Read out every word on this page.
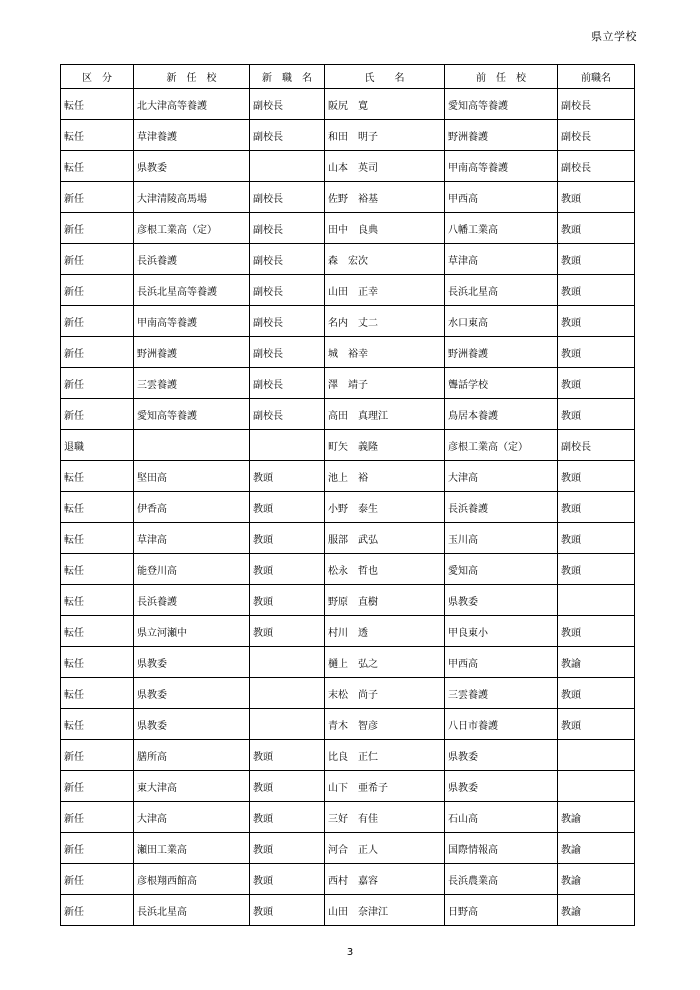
県立学校
区　分	新　任　校	新　職　名	氏　　名	前　任　校	前職名
転任	北大津高等養護	副校長	阪尻　寛	愛知高等養護	副校長
転任	草津養護	副校長	和田　明子	野洲養護	副校長
転任	県教委		山本　英司	甲南高等養護	副校長
新任	大津清陵高馬場	副校長	佐野　裕基	甲西高	教頭
新任	彦根工業高（定）	副校長	田中　良典	八幡工業高	教頭
新任	長浜養護	副校長	森　宏次	草津高	教頭
新任	長浜北星高等養護	副校長	山田　正幸	長浜北星高	教頭
新任	甲南高等養護	副校長	名内　丈二	水口東高	教頭
新任	野洲養護	副校長	城　裕幸	野洲養護	教頭
新任	三雲養護	副校長	澤　靖子	聾話学校	教頭
新任	愛知高等養護	副校長	高田　真理江	鳥居本養護	教頭
退職			町矢　義隆	彦根工業高（定）	副校長
転任	堅田高	教頭	池上　裕	大津高	教頭
転任	伊香高	教頭	小野　泰生	長浜養護	教頭
転任	草津高	教頭	服部　武弘	玉川高	教頭
転任	能登川高	教頭	松永　哲也	愛知高	教頭
転任	長浜養護	教頭	野原　直樹	県教委	
転任	県立河瀬中	教頭	村川　透	甲良東小	教頭
転任	県教委		樋上　弘之	甲西高	教諭
転任	県教委		末松　尚子	三雲養護	教頭
転任	県教委		青木　智彦	八日市養護	教頭
新任	膳所高	教頭	比良　正仁	県教委	
新任	東大津高	教頭	山下　亜希子	県教委	
新任	大津高	教頭	三好　有佳	石山高	教諭
新任	瀬田工業高	教頭	河合　正人	国際情報高	教諭
新任	彦根翔西館高	教頭	西村　嘉容	長浜農業高	教諭
新任	長浜北星高	教頭	山田　奈津江	日野高	教諭
3
